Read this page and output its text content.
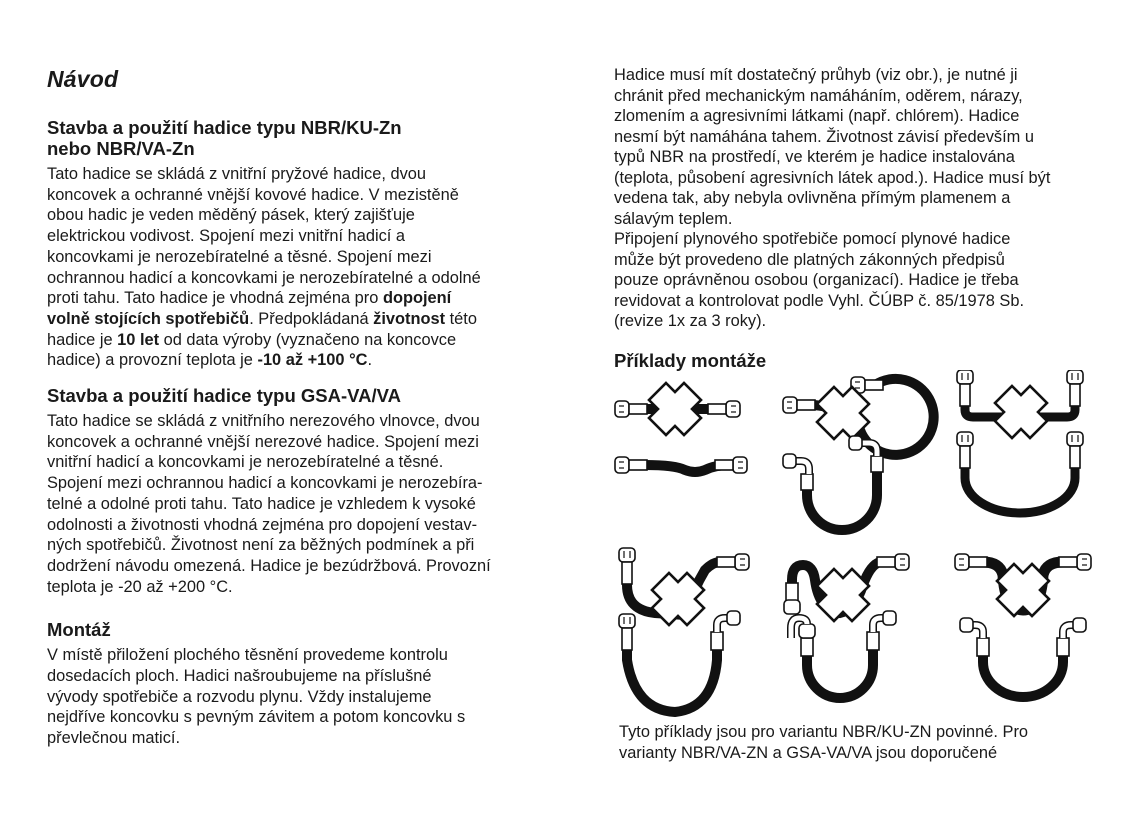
Návod
Stavba a použití hadice typu NBR/KU-Zn
nebo NBR/VA-Zn
Tato hadice se skládá z vnitřní pryžové hadice, dvou
koncovek a ochranné vnější kovové hadice. V mezistěně
obou hadic je veden měděný pásek, který zajišťuje
elektrickou vodivost. Spojení mezi vnitřní hadicí a
koncovkami je nerozebíratelné a těsné. Spojení mezi
ochrannou hadicí a koncovkami je nerozebíratelné a odolné
proti tahu. Tato hadice je vhodná zejména pro dopojení
volně stojících spotřebičů. Předpokládaná životnost této
hadice je 10 let od data výroby (vyznačeno na koncovce
hadice) a provozní teplota je -10 až +100 °C.
Stavba a použití hadice typu GSA-VA/VA
Tato hadice se skládá z vnitřního nerezového vlnovce, dvou
koncovek a ochranné vnější nerezové hadice. Spojení mezi
vnitřní hadicí a koncovkami je nerozebíratelné a těsné.
Spojení mezi ochrannou hadicí a koncovkami je nerozebíra-
telné a odolné proti tahu. Tato hadice je vzhledem k vysoké
odolnosti a životnosti vhodná zejména pro dopojení vestav-
ných spotřebičů. Životnost není za běžných podmínek a při
dodržení návodu omezená. Hadice je bezúdržbová. Provozní
teplota je -20 až +200 °C.
Montáž
V místě přiložení plochého těsnění provedeme kontrolu
dosedacích ploch. Hadici našroubujeme na příslušné
vývody spotřebiče a rozvodu plynu. Vždy instalujeme
nejdříve koncovku s pevným závitem a potom koncovku s
převlečnou maticí.
Hadice musí mít dostatečný průhyb (viz obr.), je nutné ji
chránit před mechanickým namáháním, oděrem, nárazy,
zlomením a agresivními látkami (např. chlórem). Hadice
nesmí být namáhána tahem. Životnost závisí především u
typů NBR na prostředí, ve kterém je hadice instalována
(teplota, působení agresivních látek apod.). Hadice musí být
vedena tak, aby nebyla ovlivněna přímým plamenem a
sálavým teplem.
Připojení plynového spotřebiče pomocí plynové hadice
může být provedeno dle platných zákonných předpisů
pouze oprávněnou osobou (organizací). Hadice je třeba
revidovat a kontrolovat podle Vyhl. ČÚBP č. 85/1978 Sb.
(revize 1x za 3 roky).
Příklady montáže
Tyto příklady jsou pro variantu NBR/KU-ZN povinné. Pro
varianty NBR/VA-ZN a GSA-VA/VA jsou doporučené
